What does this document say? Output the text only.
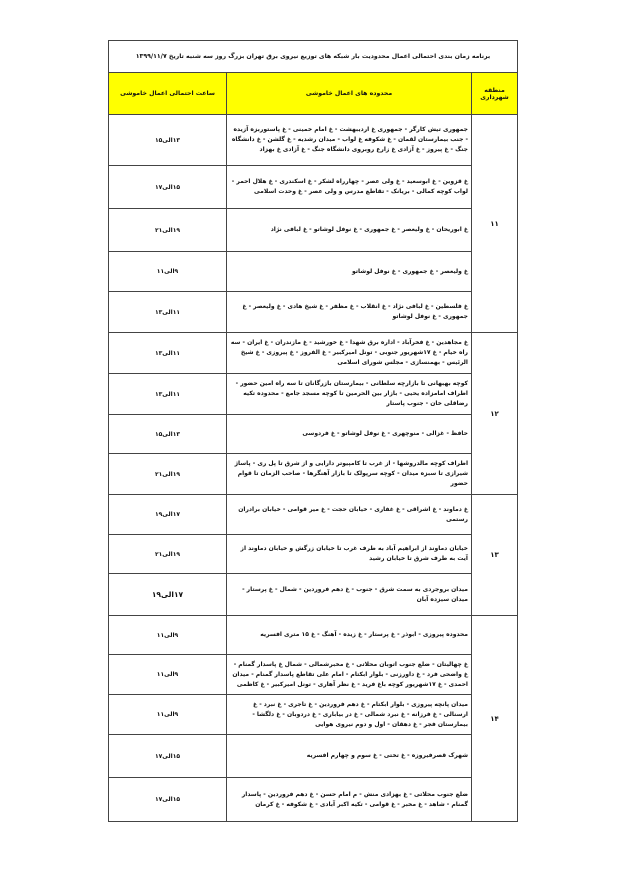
برنامه زمان بندی احتمالی اعمال محدودیت بار شبکه های توزیع نیروی برق تهران بزرگ روز سه شنبه تاریخ ۱۳۹۹/۱۱/۷		
منطقه شهرداری	محدوده های اعمال خاموشی	ساعت احتمالی اعمال خاموشی
۱۱	جمهوری تیش کارگر - جمهوری غ اردیبهشت - غ امام خمینی - غ پاستوربزه آزیده - جنب بیمارستان لقمان - غ شکوفه غ لواب - میدان رشدیه - غ گلشن - غ دانشگاه جنگ - غ پیروز - غ آزادی غ زارع روبروی دانشگاه جنگ - غ آزادی غ بهزاد	۱۳الی۱۵
	غ قزوین - غ ابوسعید - غ ولی عصر - چهارراه لشکر - غ اسکندری - غ هلال احمر - لواب کوچه کمالی - بریانک - تقاطع مدرس و ولی عصر - غ وحدت اسلامی	۱۵الی۱۷
	غ ابوریحان - غ ولیعصر - غ جمهوری - غ نوفل لوشاتو - غ لبافی نژاد	۱۹الی۲۱
	غ ولیعصر - غ جمهوری - غ نوفل لوشاتو	۹الی۱۱
	غ فلسطین - غ لبافی نژاد - غ انقلاب - غ مظفر - غ شیخ هادی - غ ولیعصر - غ جمهوری - غ نوفل لوشاتو	۱۱الی۱۳
۱۲	غ مجاهدین - غ فخرآباد - اداره برق شهدا - غ خورشید - غ مازندران - غ ایران - سه راه خیام - غ ۱۷شهریور جنوبی - تونل امیرکبیر - غ الفروز - غ پیروزی - غ شیخ الرئیس - بهمنسازی - مجلس شورای اسلامی	۱۱الی۱۳
	کوچه بهبهانی تا بازارچه سلطانی - بیمارستان بازرگانان تا سه راه امین حضور - اطراف امامزاده یحیی - بازار بین الحرمین تا کوچه مسجد جامع - محدوده تکیه رضاقلی خان - جنوب پاستار	۱۱الی۱۳
	حافظ - غزالی - منوچهری - غ نوفل لوشاتو - غ فردوسی	۱۳الی۱۵
	اطراف کوچه مالدروشها - از غرب تا کامپیوتر دارایی و از شرق تا پل ری - پاساژ شیرازی تا سبزه میدان - کوچه سرپولک تا بازار آهنگرها - صاحب الزمان تا قوام حضور	۱۹الی۲۱
۱۳	غ دماوند - غ اشراقی - غ غفاری - خیابان حجت - غ میر قوامی - خیابان برادران رستمی	۱۷الی۱۹
	خیابان دماوند از ابراهیم آباد به طرف غرب تا خیابان زرگش و خیابان دماوند از آیت به طرف شرق تا خیابان رشید	۱۹الی۲۱
	میدان بروجردی به سمت شرق - جنوب - غ دهم فروردین - شمال - غ پرستار - میدان سیزده آبان	۱۷الی۱۹
۱۴	محدوده پیروزی - ابوذر - غ پرستار - غ زیده - آهنگ - غ ۱۵ متری افسریه	۹الی۱۱
	غ چهالیتان - ضلع جنوب اتوبان محلاتی - غ مخبرشمالی - شمال غ پاسدار گمنام - غ واضحی فرد - غ داورزنی - بلوار ابکتام - امام علی تقاطع پاسدار گمنام - میدان احمدی - غ ۱۷شهریور کوچه باغ فرید - غ نظر آهاری - تونل امیرکبیر - غ کاظمی	۹الی۱۱
	میدان پانچه پیروزی - بلوار ابکتام - غ دهم فروردین - غ تاجری - غ نبرد - غ ارسنالی - غ فرزانه - غ نبرد شمالی - غ در بیاباری - غ دردوبان - غ دلگشا - بیمارستان فجر - غ دهقان - اول و دوم نیروی هوایی	۹الی۱۱
	شهرک قصرفیروزه - غ تختی - غ سوم و چهارم افسریه	۱۵الی۱۷
	ضلع جنوب محلاتی - غ بهزادی منش - م امام حسن - غ دهم فروردین - پاسدار گمنام - شاهد - غ مخبر - غ قوامی - تکیه اکبر آبادی - غ شکوفه - غ کرمان	۱۵الی۱۷
